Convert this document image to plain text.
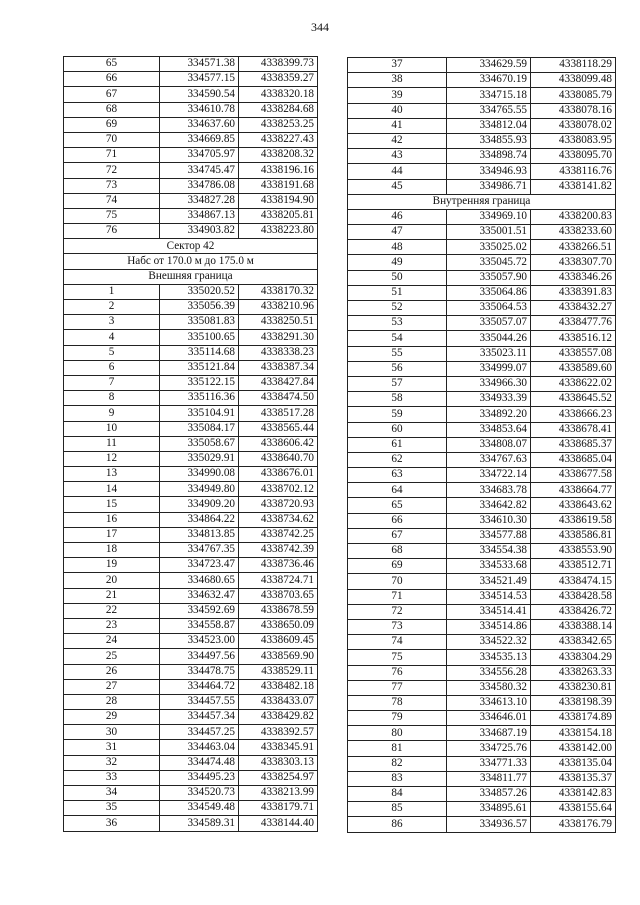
344
65	334571.38	4338399.73
66	334577.15	4338359.27
67	334590.54	4338320.18
68	334610.78	4338284.68
69	334637.60	4338253.25
70	334669.85	4338227.43
71	334705.97	4338208.32
72	334745.47	4338196.16
73	334786.08	4338191.68
74	334827.28	4338194.90
75	334867.13	4338205.81
76	334903.82	4338223.80
Сектор 42		
Набс от 170.0 м до 175.0 м		
Внешняя граница		
1	335020.52	4338170.32
2	335056.39	4338210.96
3	335081.83	4338250.51
4	335100.65	4338291.30
5	335114.68	4338338.23
6	335121.84	4338387.34
7	335122.15	4338427.84
8	335116.36	4338474.50
9	335104.91	4338517.28
10	335084.17	4338565.44
11	335058.67	4338606.42
12	335029.91	4338640.70
13	334990.08	4338676.01
14	334949.80	4338702.12
15	334909.20	4338720.93
16	334864.22	4338734.62
17	334813.85	4338742.25
18	334767.35	4338742.39
19	334723.47	4338736.46
20	334680.65	4338724.71
21	334632.47	4338703.65
22	334592.69	4338678.59
23	334558.87	4338650.09
24	334523.00	4338609.45
25	334497.56	4338569.90
26	334478.75	4338529.11
27	334464.72	4338482.18
28	334457.55	4338433.07
29	334457.34	4338429.82
30	334457.25	4338392.57
31	334463.04	4338345.91
32	334474.48	4338303.13
33	334495.23	4338254.97
34	334520.73	4338213.99
35	334549.48	4338179.71
36	334589.31	4338144.40
37	334629.59	4338118.29
38	334670.19	4338099.48
39	334715.18	4338085.79
40	334765.55	4338078.16
41	334812.04	4338078.02
42	334855.93	4338083.95
43	334898.74	4338095.70
44	334946.93	4338116.76
45	334986.71	4338141.82
Внутренняя граница		
46	334969.10	4338200.83
47	335001.51	4338233.60
48	335025.02	4338266.51
49	335045.72	4338307.70
50	335057.90	4338346.26
51	335064.86	4338391.83
52	335064.53	4338432.27
53	335057.07	4338477.76
54	335044.26	4338516.12
55	335023.11	4338557.08
56	334999.07	4338589.60
57	334966.30	4338622.02
58	334933.39	4338645.52
59	334892.20	4338666.23
60	334853.64	4338678.41
61	334808.07	4338685.37
62	334767.63	4338685.04
63	334722.14	4338677.58
64	334683.78	4338664.77
65	334642.82	4338643.62
66	334610.30	4338619.58
67	334577.88	4338586.81
68	334554.38	4338553.90
69	334533.68	4338512.71
70	334521.49	4338474.15
71	334514.53	4338428.58
72	334514.41	4338426.72
73	334514.86	4338388.14
74	334522.32	4338342.65
75	334535.13	4338304.29
76	334556.28	4338263.33
77	334580.32	4338230.81
78	334613.10	4338198.39
79	334646.01	4338174.89
80	334687.19	4338154.18
81	334725.76	4338142.00
82	334771.33	4338135.04
83	334811.77	4338135.37
84	334857.26	4338142.83
85	334895.61	4338155.64
86	334936.57	4338176.79
